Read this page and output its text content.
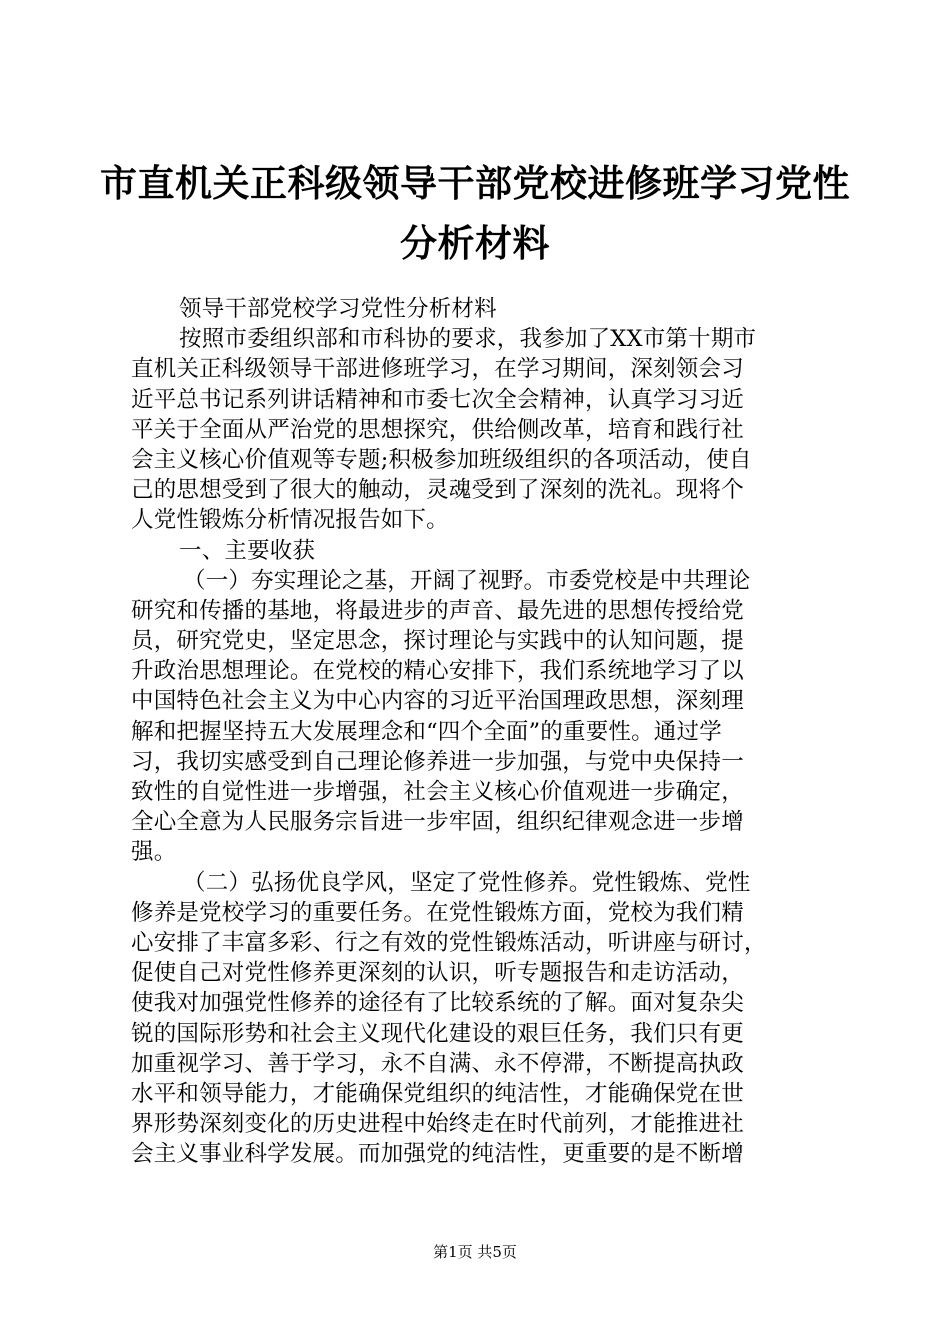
市直机关正科级领导干部党校进修班学习党性
分析材料
领导干部党校学习党性分析材料
按照市委组织部和市科协的要求，我参加了XX市第十期市
直机关正科级领导干部进修班学习，在学习期间，深刻领会习
近平总书记系列讲话精神和市委七次全会精神，认真学习习近
平关于全面从严治党的思想探究，供给侧改革，培育和践行社
会主义核心价值观等专题;积极参加班级组织的各项活动，使自
己的思想受到了很大的触动，灵魂受到了深刻的洗礼。现将个
人党性锻炼分析情况报告如下。
一、主要收获
（一）夯实理论之基，开阔了视野。市委党校是中共理论
研究和传播的基地，将最进步的声音、最先进的思想传授给党
员，研究党史，坚定思念，探讨理论与实践中的认知问题，提
升政治思想理论。在党校的精心安排下，我们系统地学习了以
中国特色社会主义为中心内容的习近平治国理政思想，深刻理
解和把握坚持五大发展理念和“四个全面”的重要性。通过学
习，我切实感受到自己理论修养进一步加强，与党中央保持一
致性的自觉性进一步增强，社会主义核心价值观进一步确定，
全心全意为人民服务宗旨进一步牢固，组织纪律观念进一步增
强。
（二）弘扬优良学风，坚定了党性修养。党性锻炼、党性
修养是党校学习的重要任务。在党性锻炼方面，党校为我们精
心安排了丰富多彩、行之有效的党性锻炼活动，听讲座与研讨，
促使自己对党性修养更深刻的认识，听专题报告和走访活动，
使我对加强党性修养的途径有了比较系统的了解。面对复杂尖
锐的国际形势和社会主义现代化建设的艰巨任务，我们只有更
加重视学习、善于学习，永不自满、永不停滞，不断提高执政
水平和领导能力，才能确保党组织的纯洁性，才能确保党在世
界形势深刻变化的历史进程中始终走在时代前列，才能推进社
会主义事业科学发展。而加强党的纯洁性，更重要的是不断增
第1页 共5页
